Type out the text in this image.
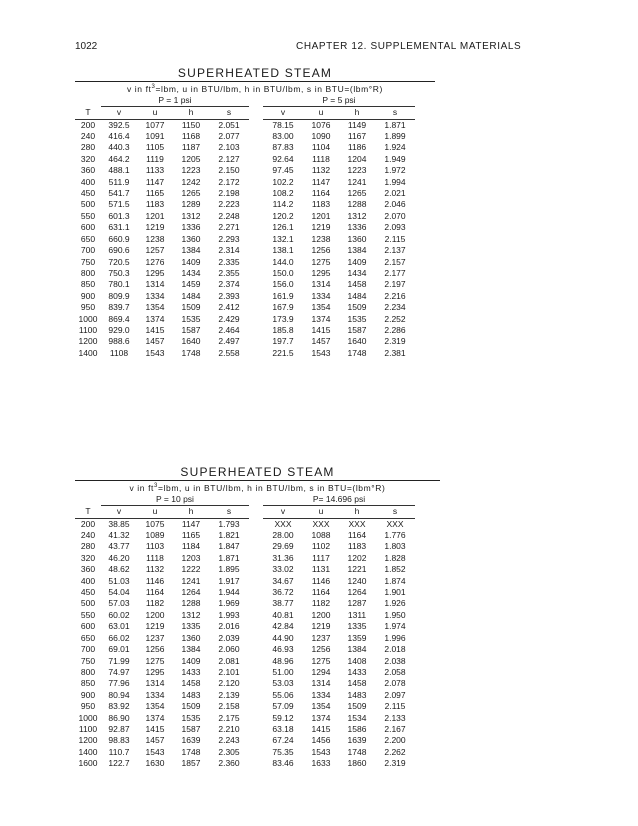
1022	CHAPTER 12. SUPPLEMENTAL MATERIALS
SUPERHEATED STEAM
v in $ft^3=lbm$, u in BTU/lbm, h in BTU/lbm, s in BTU=(lbm°R)
	P = 1 psi					P = 5 psi			
T	v	u	h	s		v	u	h	s
200	392.5	1077	1150	2.051		78.15	1076	1149	1.871
240	416.4	1091	1168	2.077		83.00	1090	1167	1.899
280	440.3	1105	1187	2.103		87.83	1104	1186	1.924
320	464.2	1119	1205	2.127		92.64	1118	1204	1.949
360	488.1	1133	1223	2.150		97.45	1132	1223	1.972
400	511.9	1147	1242	2.172		102.2	1147	1241	1.994
450	541.7	1165	1265	2.198		108.2	1164	1265	2.021
500	571.5	1183	1289	2.223		114.2	1183	1288	2.046
550	601.3	1201	1312	2.248		120.2	1201	1312	2.070
600	631.1	1219	1336	2.271		126.1	1219	1336	2.093
650	660.9	1238	1360	2.293		132.1	1238	1360	2.115
700	690.6	1257	1384	2.314		138.1	1256	1384	2.137
750	720.5	1276	1409	2.335		144.0	1275	1409	2.157
800	750.3	1295	1434	2.355		150.0	1295	1434	2.177
850	780.1	1314	1459	2.374		156.0	1314	1458	2.197
900	809.9	1334	1484	2.393		161.9	1334	1484	2.216
950	839.7	1354	1509	2.412		167.9	1354	1509	2.234
1000	869.4	1374	1535	2.429		173.9	1374	1535	2.252
1100	929.0	1415	1587	2.464		185.8	1415	1587	2.286
1200	988.6	1457	1640	2.497		197.7	1457	1640	2.319
1400	1108	1543	1748	2.558		221.5	1543	1748	2.381
SUPERHEATED STEAM
v in $ft^3=lbm$, u in BTU/lbm, h in BTU/lbm, s in BTU=(lbm°R)
	P = 10 psi					P= 14.696 psi			
T	v	u	h	s		v	u	h	s
200	38.85	1075	1147	1.793		XXX	XXX	XXX	XXX
240	41.32	1089	1165	1.821		28.00	1088	1164	1.776
280	43.77	1103	1184	1.847		29.69	1102	1183	1.803
320	46.20	1118	1203	1.871		31.36	1117	1202	1.828
360	48.62	1132	1222	1.895		33.02	1131	1221	1.852
400	51.03	1146	1241	1.917		34.67	1146	1240	1.874
450	54.04	1164	1264	1.944		36.72	1164	1264	1.901
500	57.03	1182	1288	1.969		38.77	1182	1287	1.926
550	60.02	1200	1312	1.993		40.81	1200	1311	1.950
600	63.01	1219	1335	2.016		42.84	1219	1335	1.974
650	66.02	1237	1360	2.039		44.90	1237	1359	1.996
700	69.01	1256	1384	2.060		46.93	1256	1384	2.018
750	71.99	1275	1409	2.081		48.96	1275	1408	2.038
800	74.97	1295	1433	2.101		51.00	1294	1433	2.058
850	77.96	1314	1458	2.120		53.03	1314	1458	2.078
900	80.94	1334	1483	2.139		55.06	1334	1483	2.097
950	83.92	1354	1509	2.158		57.09	1354	1509	2.115
1000	86.90	1374	1535	2.175		59.12	1374	1534	2.133
1100	92.87	1415	1587	2.210		63.18	1415	1586	2.167
1200	98.83	1457	1639	2.243		67.24	1456	1639	2.200
1400	110.7	1543	1748	2.305		75.35	1543	1748	2.262
1600	122.7	1630	1857	2.360		83.46	1633	1860	2.319
